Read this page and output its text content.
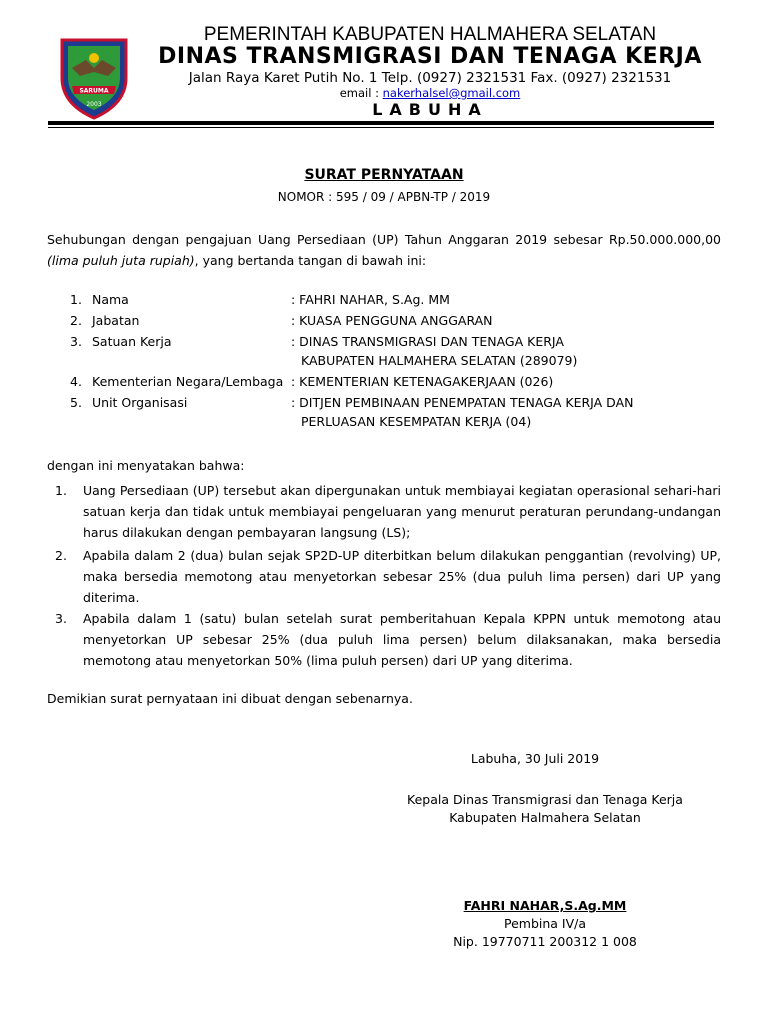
SARUMA
2003
PEMERINTAH KABUPATEN HALMAHERA SELATAN
DINAS TRANSMIGRASI DAN TENAGA KERJA
Jalan Raya Karet Putih No. 1 Telp. (0927) 2321531 Fax. (0927) 2321531
email : nakerhalsel@gmail.com
LABUHA
SURAT PERNYATAAN
NOMOR : 595 / 09 / APBN-TP / 2019
Sehubungan dengan pengajuan Uang Persediaan (UP) Tahun Anggaran 2019 sebesar Rp.50.000.000,00 (lima puluh juta rupiah), yang bertanda tangan di bawah ini:
1. Nama	: FAHRI NAHAR, S.Ag. MM
2. Jabatan	: KUASA PENGGUNA ANGGARAN
3. Satuan Kerja	: DINAS TRANSMIGRASI DAN TENAGA KERJA
KABUPATEN HALMAHERA SELATAN (289079)
4. Kementerian Negara/Lembaga : KEMENTERIAN KETENAGAKERJAAN (026)
5. Unit Organisasi	: DITJEN PEMBINAAN PENEMPATAN TENAGA KERJA DAN
PERLUASAN KESEMPATAN KERJA (04)
dengan ini menyatakan bahwa:
1. Uang Persediaan (UP) tersebut akan dipergunakan untuk membiayai kegiatan operasional sehari-hari satuan kerja dan tidak untuk membiayai pengeluaran yang menurut peraturan perundang-undangan harus dilakukan dengan pembayaran langsung (LS);
2. Apabila dalam 2 (dua) bulan sejak SP2D-UP diterbitkan belum dilakukan penggantian (revolving) UP, maka bersedia memotong atau menyetorkan sebesar 25% (dua puluh lima persen) dari UP yang diterima.
3. Apabila dalam 1 (satu) bulan setelah surat pemberitahuan Kepala KPPN untuk memotong atau menyetorkan UP sebesar 25% (dua puluh lima persen) belum dilaksanakan, maka bersedia memotong atau menyetorkan 50% (lima puluh persen) dari UP yang diterima.
Demikian surat pernyataan ini dibuat dengan sebenarnya.
Labuha, 30 Juli 2019
Kepala Dinas Transmigrasi dan Tenaga Kerja
Kabupaten Halmahera Selatan
FAHRI NAHAR,S.Ag.MM
Pembina IV/a
Nip. 19770711 200312 1 008
